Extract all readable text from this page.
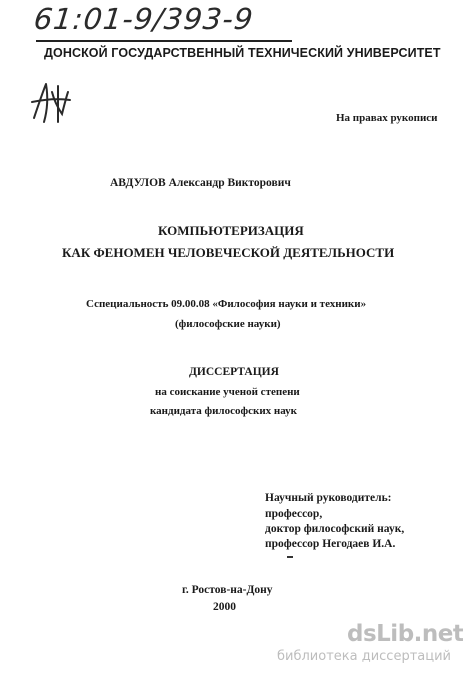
61:01-9/393-9
ДОНСКОЙ ГОСУДАРСТВЕННЫЙ ТЕХНИЧЕСКИЙ УНИВЕРСИТЕТ
На правах рукописи
АВДУЛОВ Александр Викторович
КОМПЬЮТЕРИЗАЦИЯ
КАК ФЕНОМЕН ЧЕЛОВЕЧЕСКОЙ ДЕЯТЕЛЬНОСТИ
Сспециальность 09.00.08 «Философия науки и техники»
(философские науки)
ДИССЕРТАЦИЯ
на соискание ученой степени
кандидата философских наук
Научный руководитель:
профессор,
доктор философский наук,
профессор Негодаев И.А.
г. Ростов-на-Дону
2000
dsLib.net
библиотека диссертаций
